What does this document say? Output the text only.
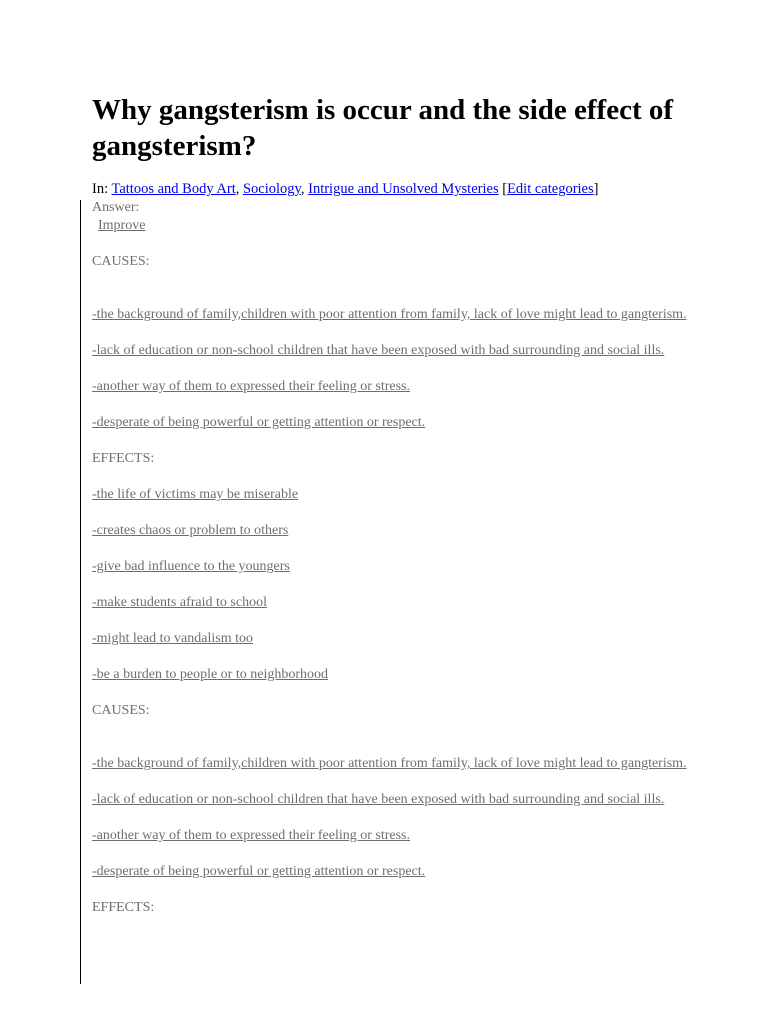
Why gangsterism is occur and the side effect of gangsterism?
In: Tattoos and Body Art, Sociology, Intrigue and Unsolved Mysteries [Edit categories]
Answer:
Improve

CAUSES:

-the background of family,children with poor attention from family, lack of love might lead to gangterism.

-lack of education or non-school children that have been exposed with bad surrounding and social ills.

-another way of them to expressed their feeling or stress.

-desperate of being powerful or getting attention or respect.

EFFECTS:

-the life of victims may be miserable

-creates chaos or problem to others

-give bad influence to the youngers

-make students afraid to school

-might lead to vandalism too

-be a burden to people or to neighborhood

CAUSES:

-the background of family,children with poor attention from family, lack of love might lead to gangterism.

-lack of education or non-school children that have been exposed with bad surrounding and social ills.

-another way of them to expressed their feeling or stress.

-desperate of being powerful or getting attention or respect.

EFFECTS:
